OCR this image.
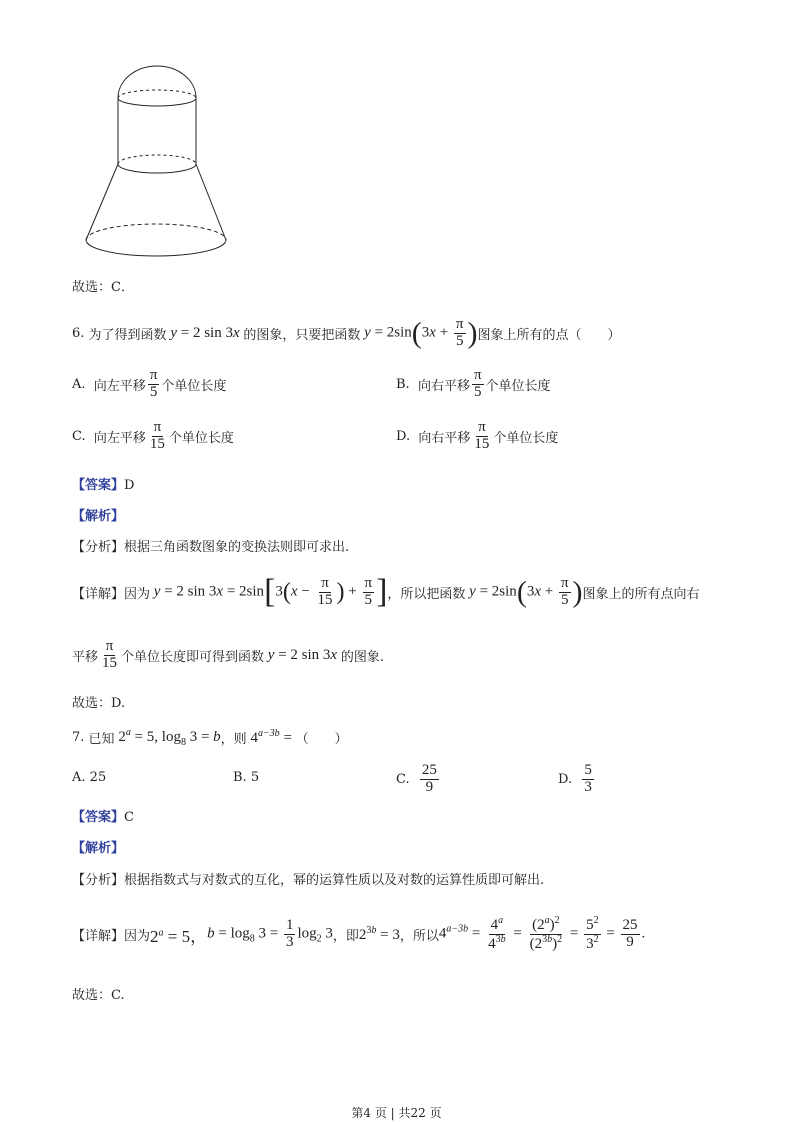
故选：C．
6.
为了得到函数 y = 2 sin 3x 的图象，只要把函数 $y = 2\sin(3x + \frac{\pi}{5}$ ) 图象上所有的点（　　）
A.
向左平移 $\frac{\pi}{5}$ 个单位长度	B.
向右平移 $\frac{\pi}{5}$ 个单位长度
C.
向左平移 $\frac{\pi}{15}$ 个单位长度	D.
向右平移 $\frac{\pi}{15}$ 个单位长度
【答案】D
【解析】
【分析】根据三角函数图象的变换法则即可求出.
【详解】 因为 y = 2 $\sin 3x = 2\sin[3(x - \frac{\pi}{15}$ ) + $\frac{\pi}{5}$ ] ，所以把函数 $y = 2\sin(3x + \frac{\pi}{5}$ ) 图象上的所有点向右
平移 $\frac{\pi}{15}$ 个单位长度即可得到函数 y = 2 sin 3x 的图象.
故选：D.
7.
已知 $2^a = 5$, $\log_8 3 = b$ ，则 $4^{a-3b}$ = （　　）
A. 25	B. 5	C.
$\frac{25}{9}$	D.
$\frac{5}{3}$
【答案】C
【解析】
【分析】根据指数式与对数式的互化，幂的运算性质以及对数的运算性质即可解出.
【详解】 因为 $2^a = 5$， $b = \log_8 3 = \frac{1}{3} \log_2 3$ ，即 $2^{3b} = 3$ ，所以 $4^{a-3b} = \frac{4^a}{4^{3b}} = \frac{(2^a)^2}{(2^{3b})^2} = \frac{5^2}{3^2} = \frac{25}{9}$ .
故选：C.
第4 页 | 共22 页
